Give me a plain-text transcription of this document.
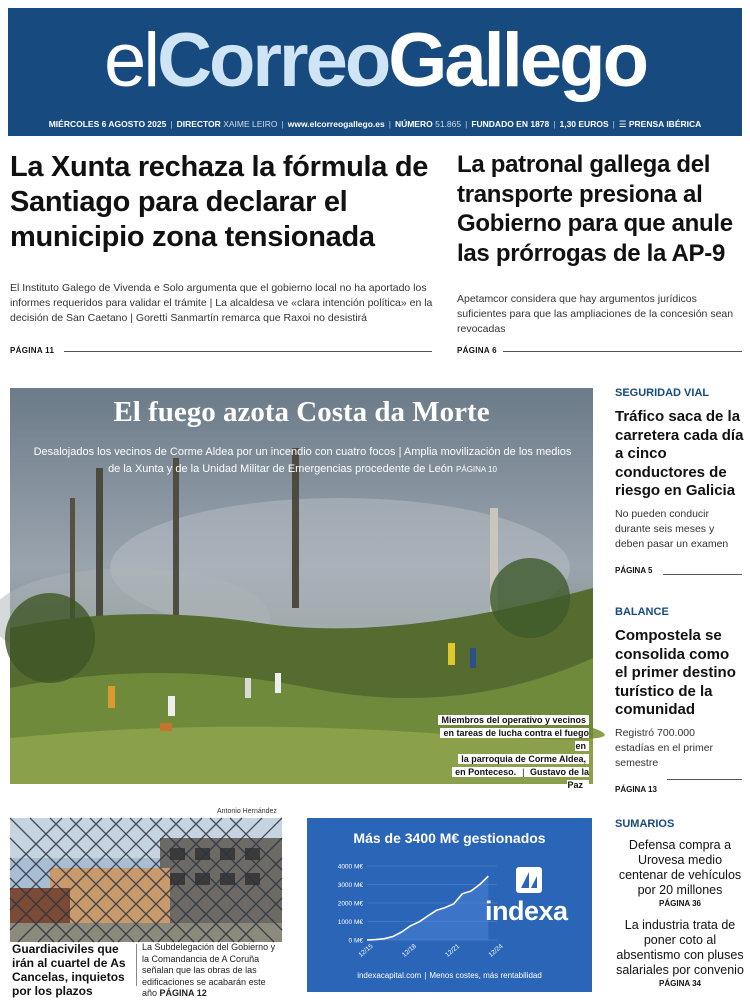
elCorreoGallego
MIÉRCOLES 6 AGOSTO 2025 | DIRECTOR XAIME LEIRO | www.elcorreogallego.es | NÚMERO 51.865 | FUNDADO EN 1878 | 1,30 EUROS | ☰ PRENSA IBÉRICA
La Xunta rechaza la fórmula de Santiago para declarar el municipio zona tensionada
El Instituto Galego de Vivenda e Solo argumenta que el gobierno local no ha aportado los informes requeridos para validar el trámite | La alcaldesa ve «clara intención política» en la decisión de San Caetano | Goretti Sanmartín remarca que Raxoi no desistirá
PÁGINA 11
La patronal gallega del transporte presiona al Gobierno para que anule las prórrogas de la AP-9
Apetamcor considera que hay argumentos jurídicos suficientes para que las ampliaciones de la concesión sean revocadas
PÁGINA 6
El fuego azota Costa da Morte
Desalojados los vecinos de Corme Aldea por un incendio con cuatro focos | Amplia movilización de los medios de la Xunta y de la Unidad Militar de Emergencias procedente de León PÁGINA 10
Miembros del operativo y vecinos
en tareas de lucha contra el fuego en
la parroquia de Corme Aldea,
en Ponteceso. | Gustavo de la Paz
SEGURIDAD VIAL
Tráfico saca de la carretera cada día a cinco conductores de riesgo en Galicia
No pueden conducir durante seis meses y deben pasar un examen
PÁGINA 5
BALANCE
Compostela se consolida como el primer destino turístico de la comunidad
Registró 700.000 estadías en el primer semestre
PÁGINA 13
Antonio Hernández
Guardiaciviles que irán al cuartel de As Cancelas, inquietos por los plazos
La Subdelegación del Gobierno y la Comandancia de A Coruña señalan que las obras de las edificaciones se acabarán este año PÁGINA 12
Más de 3400 M€ gestionados
0 M€
1000 M€
2000 M€
3000 M€
4000 M€
12/15	12/18	12/21	12/24
indexa
indexacapital.com | Menos costes, más rentabilidad
SUMARIOS
Defensa compra a Urovesa medio centenar de vehículos por 20 millones
PÁGINA 36
La industria trata de poner coto al absentismo con pluses salariales por convenio
PÁGINA 34
